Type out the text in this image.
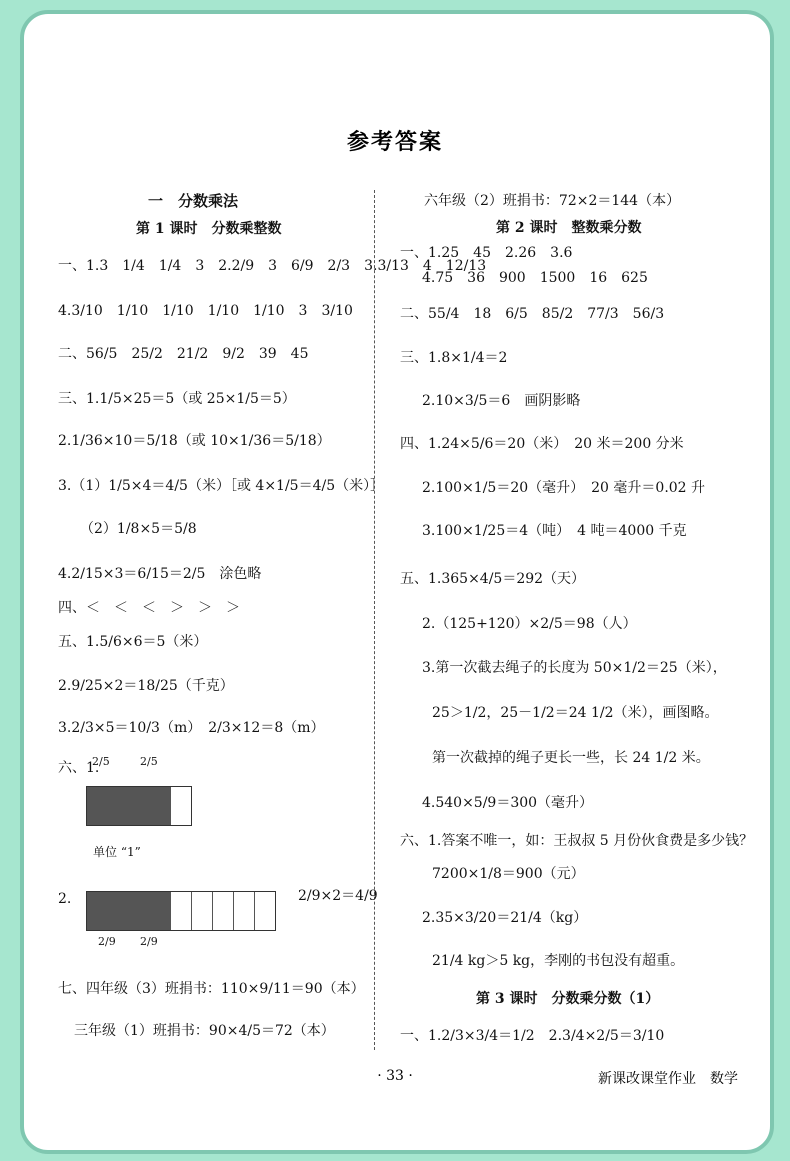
参考答案
一　分数乘法
第 1 课时　分数乘整数
一、1.3　1/4　1/4　3　2.2/9　3　6/9　2/3　3.3/13　4　12/13
4.3/10　1/10　1/10　1/10　1/10　3　3/10
二、56/5　25/2　21/2　9/2　39　45
三、1.1/5×25＝5（或 25×1/5＝5）
2.1/36×10＝5/18（或 10×1/36＝5/18）
3.（1）1/5×4＝4/5（米）［或 4×1/5＝4/5（米）］
（2）1/8×5＝5/8
4.2/15×3＝6/15＝2/5　涂色略
四、＜　＜　＜　＞　＞　＞
五、1.5/6×6＝5（米）
2.9/25×2＝18/25（千克）
3.2/3×5＝10/3（m）　2/3×12＝8（m）
六、1.
2/5	2/5
单位 “1”
2.
2/9 2/9
2/9×2＝4/9
七、四年级（3）班捐书：110×9/11＝90（本）
三年级（1）班捐书：90×4/5＝72（本）
六年级（2）班捐书：72×2＝144（本）
第 2 课时　整数乘分数
一、1.25　45　2.26　3.6
4.75　36　900　1500　16　625
二、55/4　18　6/5　85/2　77/3　56/3
三、1.8×1/4＝2
2.10×3/5＝6　画阴影略
四、1.24×5/6＝20（米）　20 米＝200 分米
2.100×1/5＝20（毫升）　20 毫升＝0.02 升
3.100×1/25＝4（吨）　4 吨＝4000 千克
五、1.365×4/5＝292（天）
2.（125+120）×2/5＝98（人）
3.第一次截去绳子的长度为 50×1/2＝25（米），
25＞1/2，25－1/2＝24 1/2（米），画图略。
第一次截掉的绳子更长一些，长 24 1/2 米。
4.540×5/9＝300（毫升）
六、1.答案不唯一，如：王叔叔 5 月份伙食费是多少钱？
7200×1/8＝900（元）
2.35×3/20＝21/4（kg）
21/4 kg＞5 kg，李刚的书包没有超重。
第 3 课时　分数乘分数（1）
一、1.2/3×3/4＝1/2　2.3/4×2/5＝3/10
· 33 ·	新课改课堂作业　数学
